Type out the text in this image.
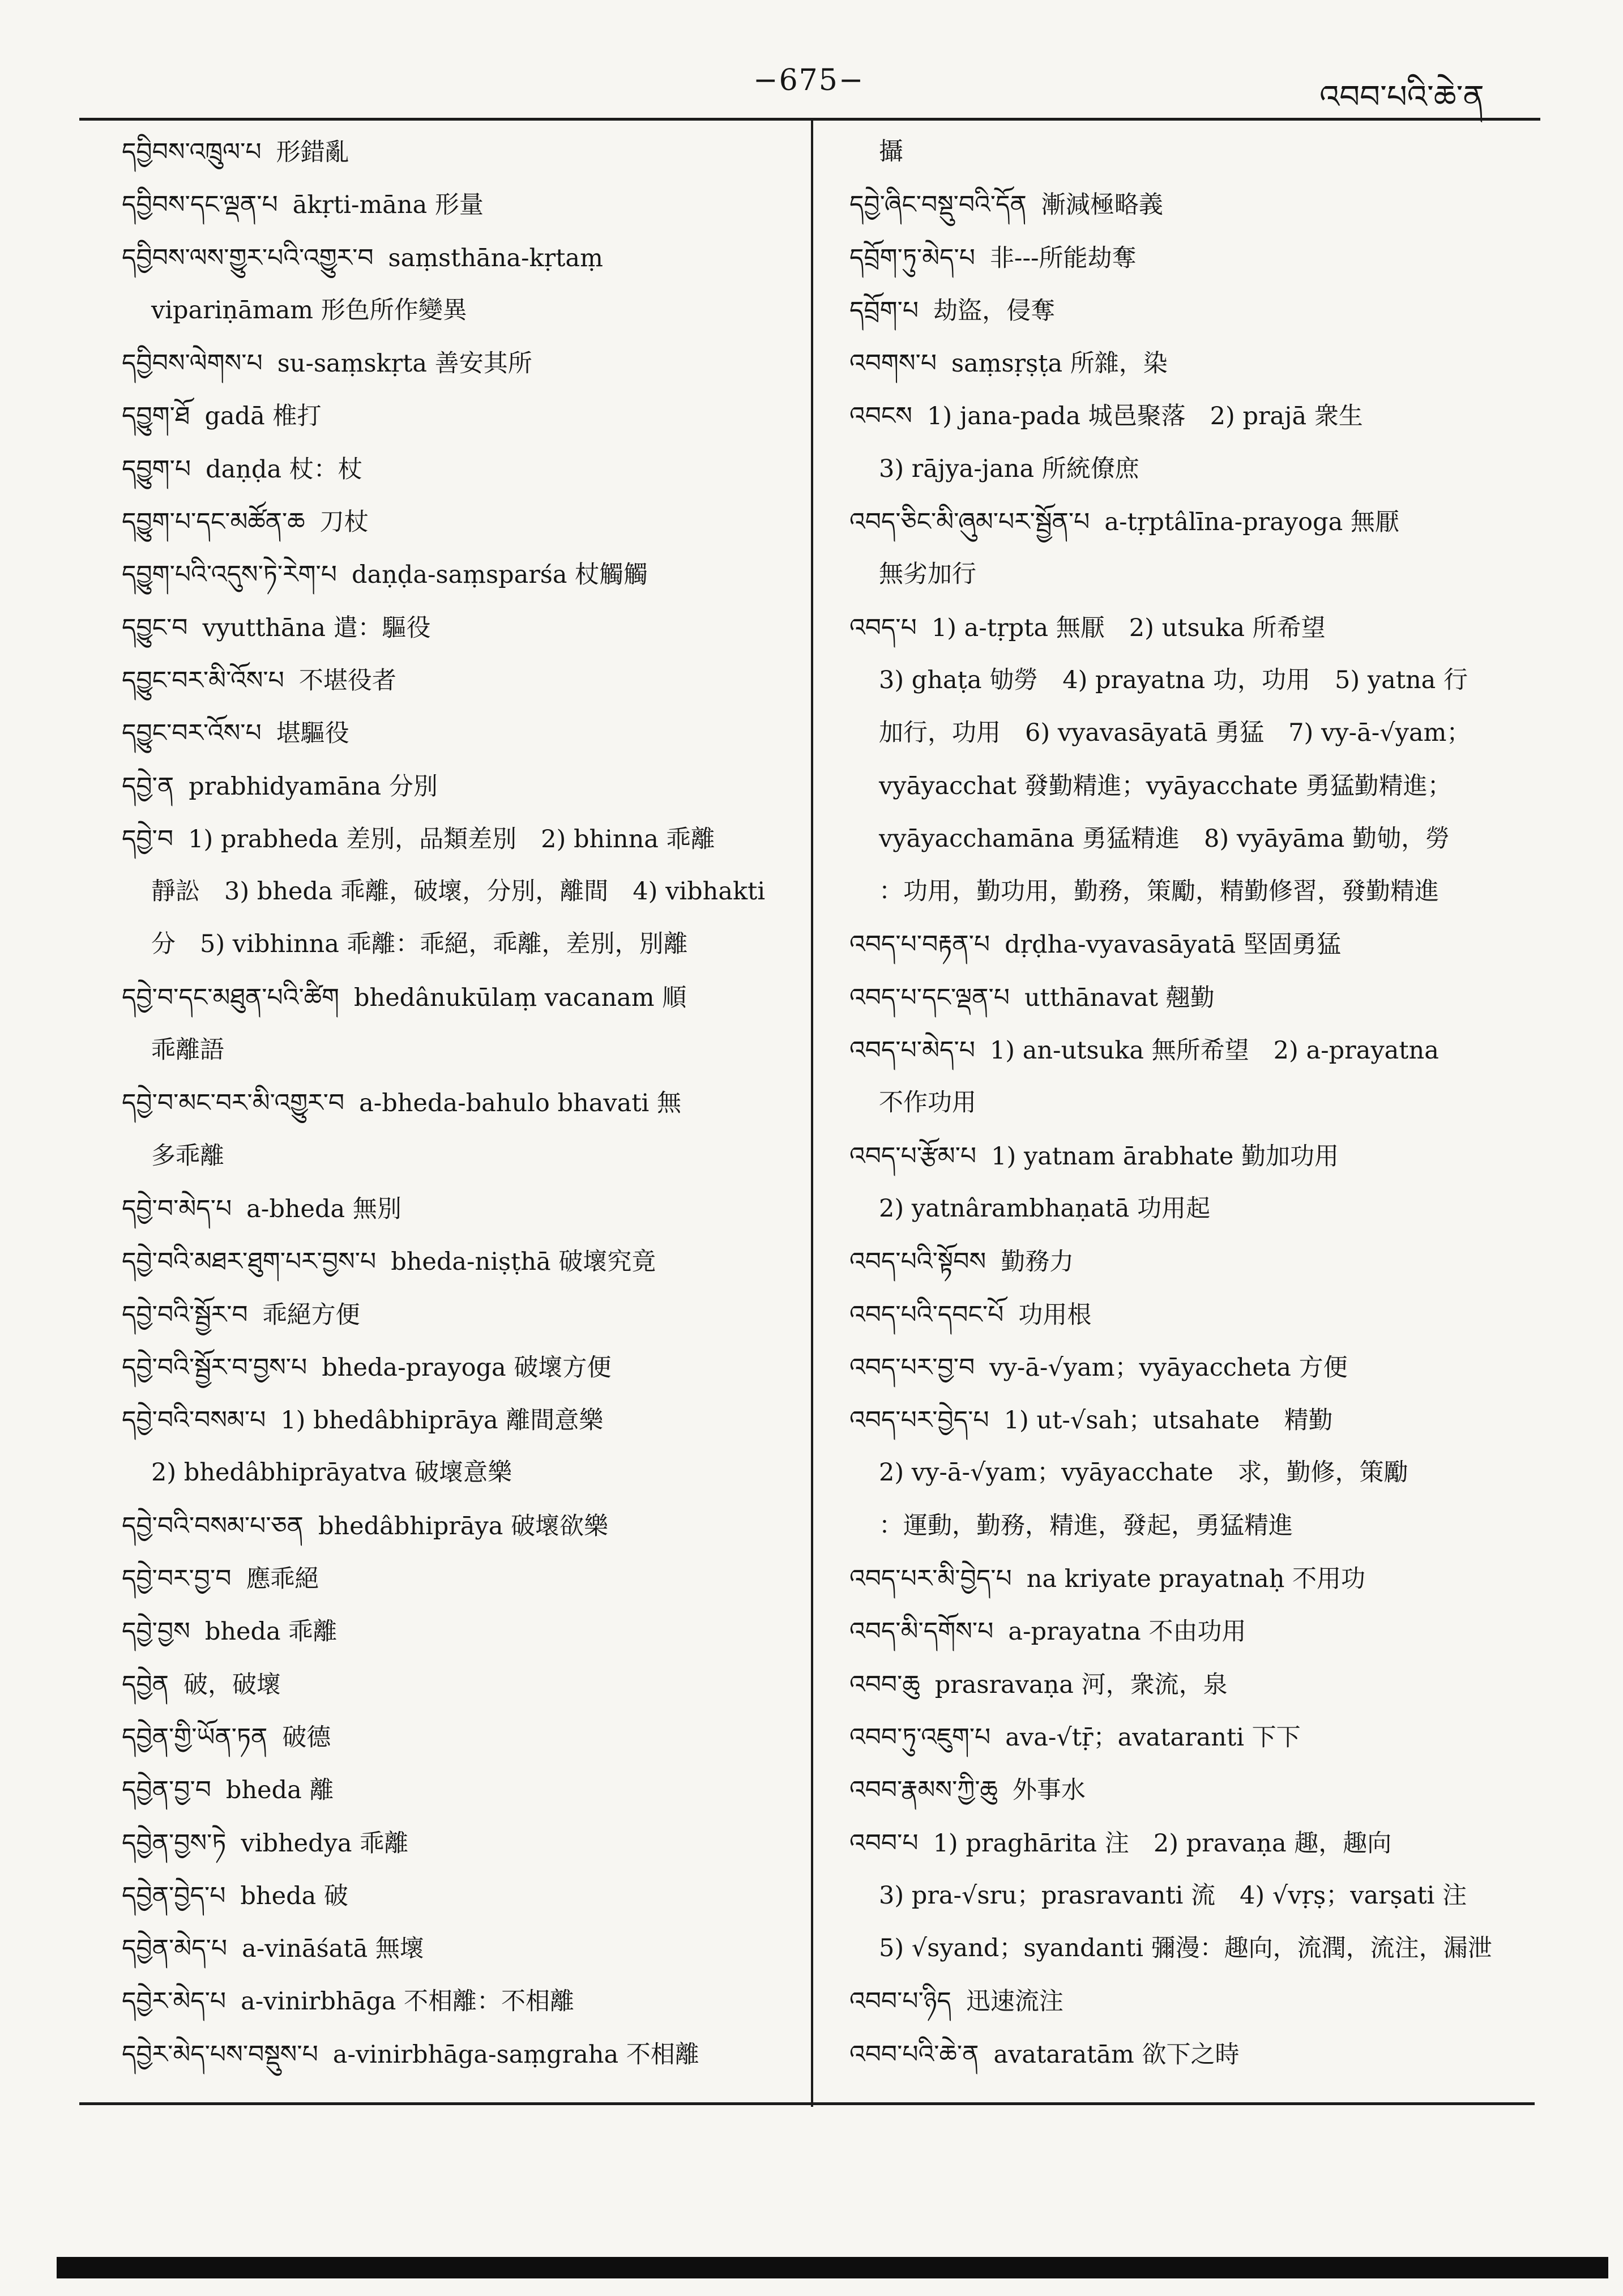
−675−	འབབ་པའི་ཆེ་ན
དབྱིབས་འཁྲུལ་པ 形錯亂
དབྱིབས་དང་ལྡན་པ ākṛti-māna 形量
དབྱིབས་ལས་གྱུར་པའི་འགྱུར་བ saṃsthāna-kṛtaṃ
vipariṇāmam 形色所作變異
དབྱིབས་ལེགས་པ su-saṃskṛta 善安其所
དབྱུག་ཐོ gadā 椎打
དབྱུག་པ daṇḍa 杖：杖
དབྱུག་པ་དང་མཚོན་ཆ 刀杖
དབྱུག་པའི་འདུས་ཏེ་རེག་པ daṇḍa-saṃsparśa 杖觸觸
དབྱུང་བ vyutthāna 遣：驅役
དབྱུང་བར་མི་འོས་པ 不堪役者
དབྱུང་བར་འོས་པ 堪驅役
དབྱེ་ན prabhidyamāna 分別
དབྱེ་བ 1) prabheda 差別，品類差別　2) bhinna 乖離
靜訟　3) bheda 乖離，破壞，分別，離間　4) vibhakti
分　5) vibhinna 乖離：乖絕，乖離，差別，別離
དབྱེ་བ་དང་མཐུན་པའི་ཚིག bhedânukūlaṃ vacanam 順
乖離語
དབྱེ་བ་མང་བར་མི་འགྱུར་བ a-bheda-bahulo bhavati 無
多乖離
དབྱེ་བ་མེད་པ a-bheda 無別
དབྱེ་བའི་མཐར་ཐུག་པར་བྱས་པ bheda-niṣṭhā 破壞究竟
དབྱེ་བའི་སྦྱོར་བ 乖絕方便
དབྱེ་བའི་སྦྱོར་བ་བྱས་པ bheda-prayoga 破壞方便
དབྱེ་བའི་བསམ་པ 1) bhedâbhiprāya 離間意樂
2) bhedâbhiprāyatva 破壞意樂
དབྱེ་བའི་བསམ་པ་ཅན bhedâbhiprāya 破壞欲樂
དབྱེ་བར་བྱ་བ 應乖絕
དབྱེ་བྱས bheda 乖離
དབྱེན 破，破壞
དབྱེན་གྱི་ཡོན་ཏན 破德
དབྱེན་བྱ་བ bheda 離
དབྱེན་བྱས་ཏེ vibhedya 乖離
དབྱེན་བྱེད་པ bheda 破
དབྱེན་མེད་པ a-vināśatā 無壞
དབྱེར་མེད་པ a-vinirbhāga 不相離：不相離
དབྱེར་མེད་པས་བསྡུས་པ a-vinirbhāga-saṃgraha 不相離
攝
དབྱེ་ཞིང་བསྡུ་བའི་དོན 漸減極略義
དབྲོག་ཏུ་མེད་པ 非---所能劫奪
དབྲོག་པ 劫盜，侵奪
འབགས་པ saṃsṛṣṭa 所雜，染
འབངས 1) jana-pada 城邑聚落　2) prajā 衆生
3) rājya-jana 所統僚庶
འབད་ཅིང་མི་ཞུམ་པར་སྦྱོན་པ a-tṛptâlīna-prayoga 無厭
無劣加行
འབད་པ 1) a-tṛpta 無厭　2) utsuka 所希望
3) ghaṭa 劬勞　4) prayatna 功，功用　5) yatna 行
加行，功用　6) vyavasāyatā 勇猛　7) vy-ā-√yam；
vyāyacchat 發勤精進；vyāyacchate 勇猛勤精進；
vyāyacchamāna 勇猛精進　8) vyāyāma 勤劬，勞
：功用，勤功用，勤務，策勵，精勤修習，發勤精進
འབད་པ་བརྟན་པ dṛḍha-vyavasāyatā 堅固勇猛
འབད་པ་དང་ལྡན་པ utthānavat 翹勤
འབད་པ་མེད་པ 1) an-utsuka 無所希望　2) a-prayatna
不作功用
འབད་པ་རྩོམ་པ 1) yatnam ārabhate 勤加功用
2) yatnârambhaṇatā 功用起
འབད་པའི་སྟོབས 勤務力
འབད་པའི་དབང་པོ 功用根
འབད་པར་བྱ་བ vy-ā-√yam；vyāyaccheta 方便
འབད་པར་བྱེད་པ 1) ut-√sah；utsahate　精勤
2) vy-ā-√yam；vyāyacchate　求，勤修，策勵
：運動，勤務，精進，發起，勇猛精進
འབད་པར་མི་བྱེད་པ na kriyate prayatnaḥ 不用功
འབད་མི་དགོས་པ a-prayatna 不由功用
འབབ་ཆུ prasravaṇa 河，衆流，泉
འབབ་ཏུ་འཇུག་པ ava-√tṝ；avataranti 下下
འབབ་རྣམས་ཀྱི་ཆུ 外事水
འབབ་པ 1) praghārita 注　2) pravaṇa 趣，趣向
3) pra-√sru；prasravanti 流　4) √vṛṣ；varṣati 注
5) √syand；syandanti 彌漫：趣向，流潤，流注，漏泄
འབབ་པ་ཉིད 迅速流注
འབབ་པའི་ཆེ་ན avataratām 欲下之時
